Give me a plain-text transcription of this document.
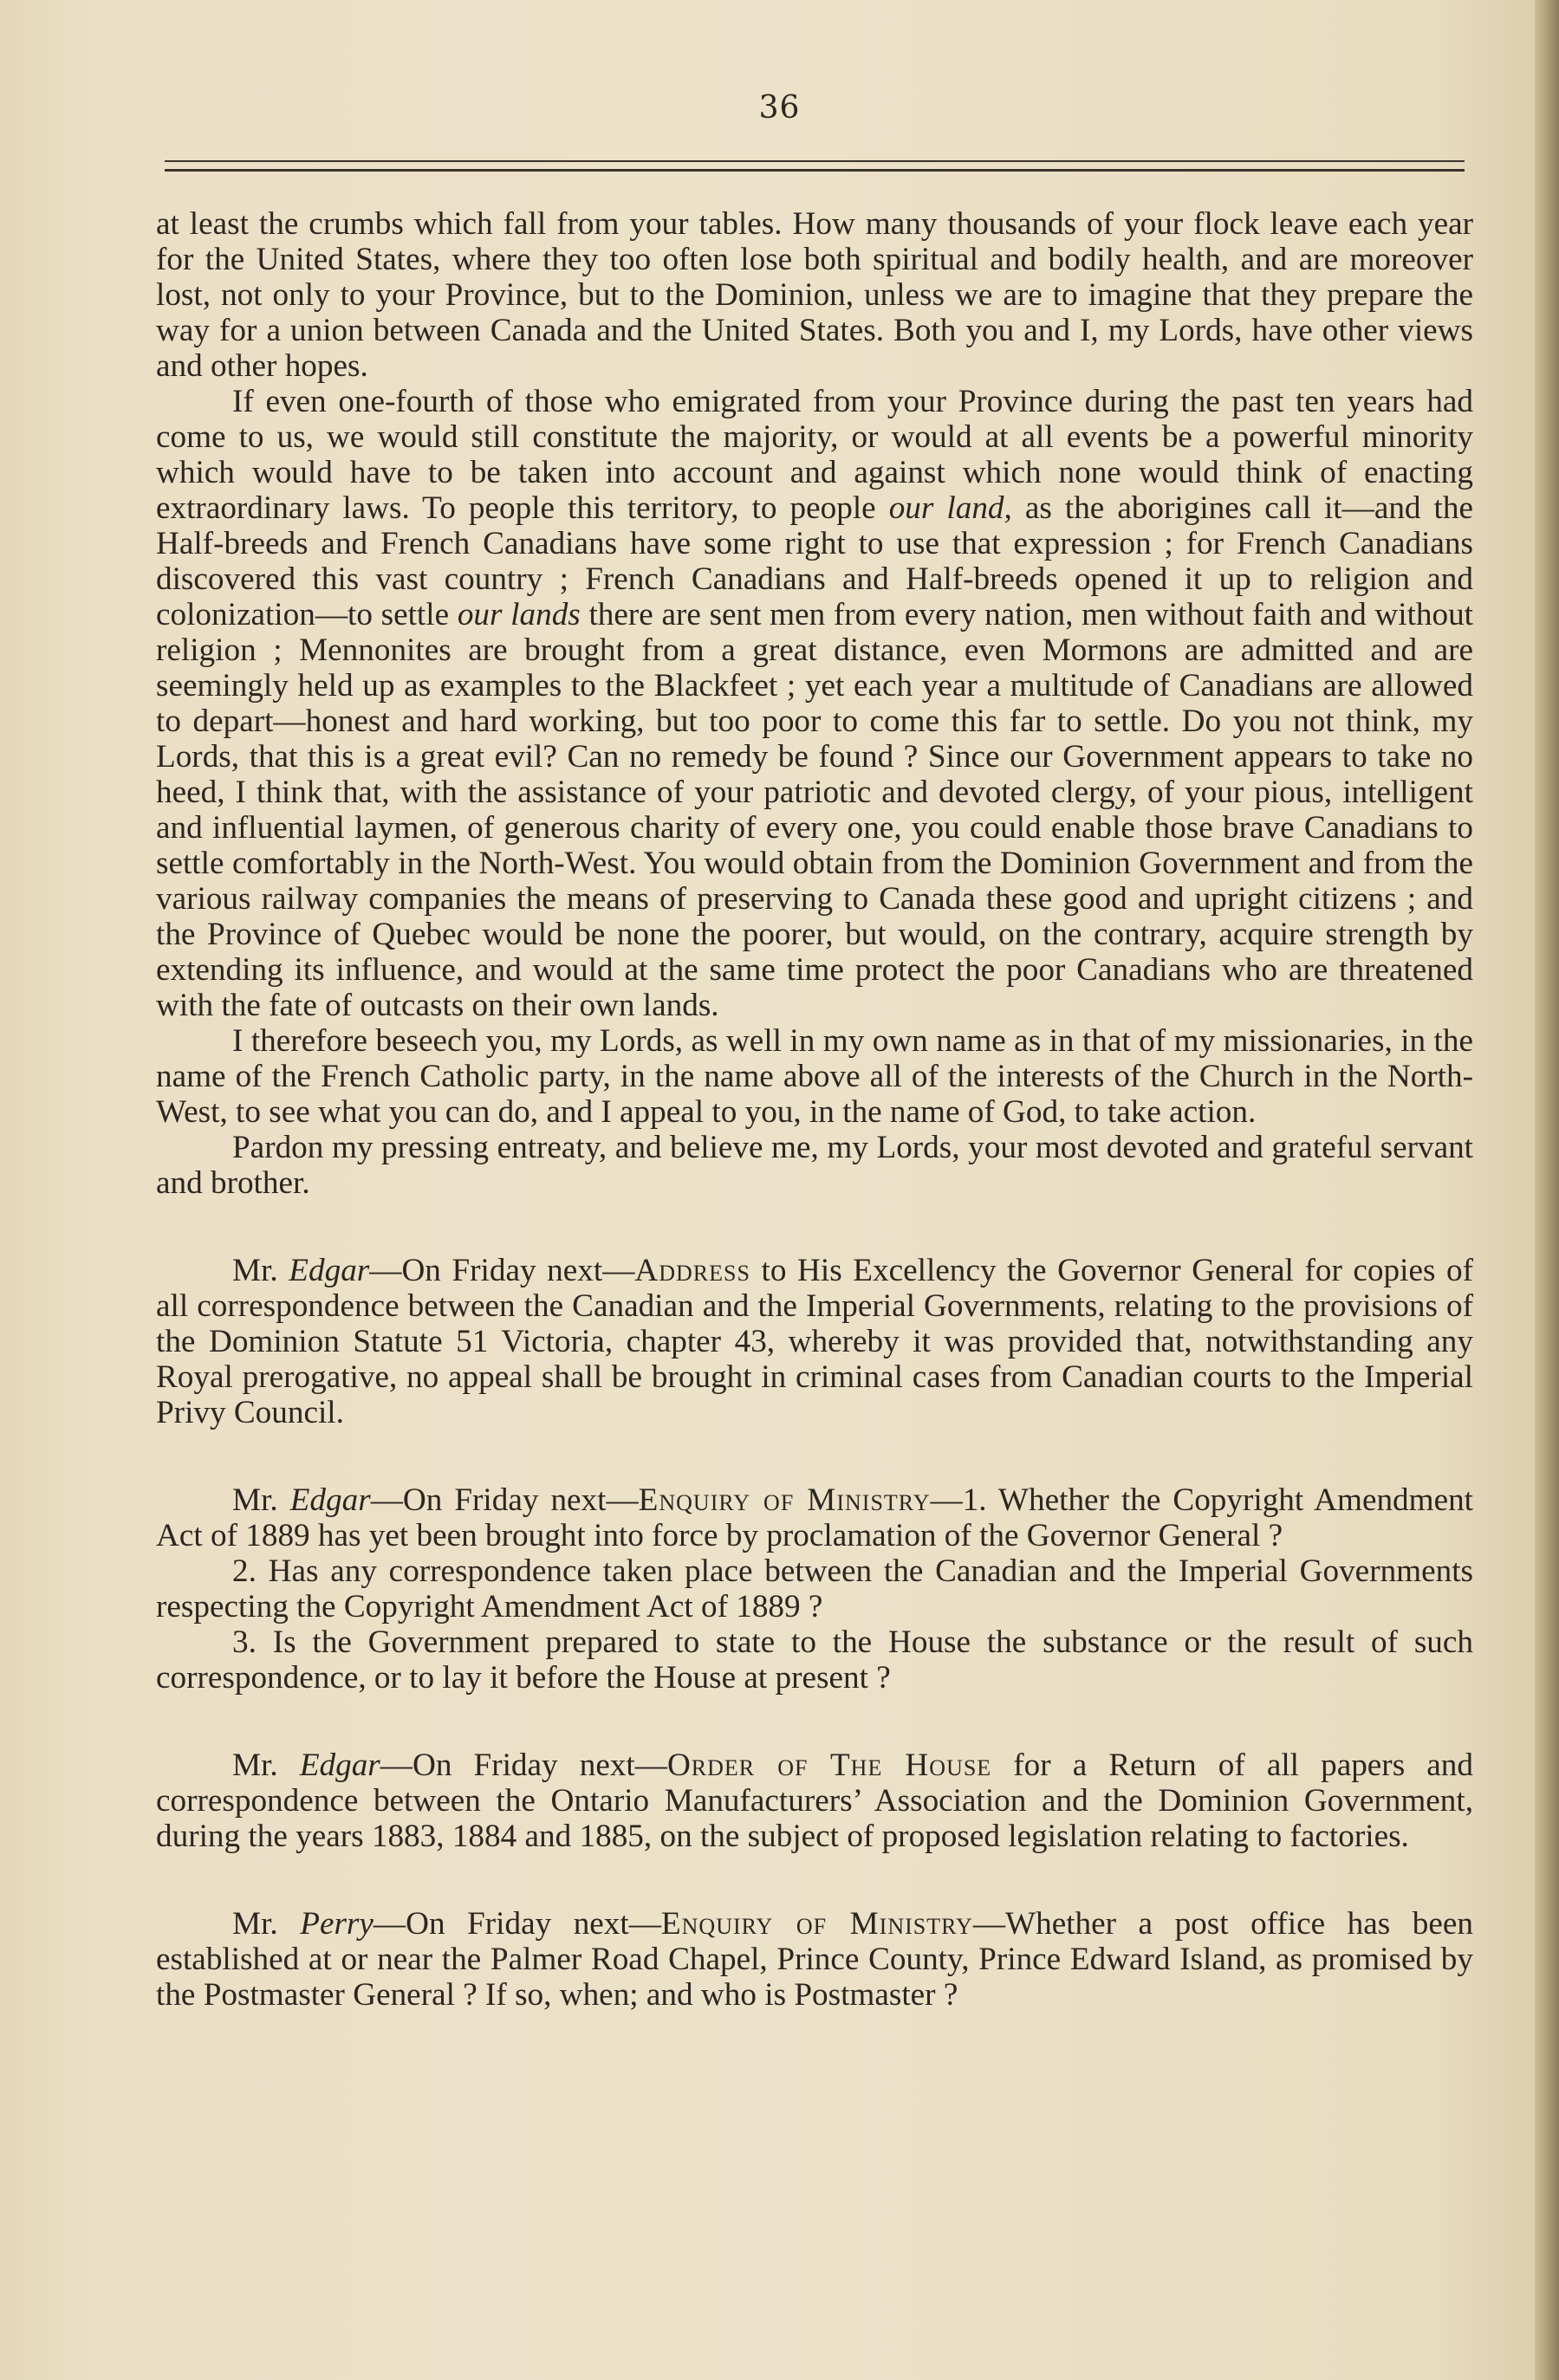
36

at least the crumbs which fall from your tables. How many thousands of your flock leave each year for the United States, where they too often lose both spiritual and bodily health, and are moreover lost, not only to your Province, but to the Dominion, unless we are to imagine that they prepare the way for a union between Canada and the United States. Both you and I, my Lords, have other views and other hopes.

If even one-fourth of those who emigrated from your Province during the past ten years had come to us, we would still constitute the majority, or would at all events be a powerful minority which would have to be taken into account and against which none would think of enacting extraordinary laws. To people this territory, to people our land, as the aborigines call it—and the Half-breeds and French Canadians have some right to use that expression ; for French Canadians discovered this vast country ; French Canadians and Half-breeds opened it up to religion and colonization—to settle our lands there are sent men from every nation, men without faith and without religion ; Mennonites are brought from a great distance, even Mormons are admitted and are seemingly held up as examples to the Blackfeet ; yet each year a multitude of Canadians are allowed to depart—honest and hard working, but too poor to come this far to settle. Do you not think, my Lords, that this is a great evil? Can no remedy be found ? Since our Government appears to take no heed, I think that, with the assistance of your patriotic and devoted clergy, of your pious, intelligent and influential laymen, of generous charity of every one, you could enable those brave Canadians to settle comfortably in the North-West. You would obtain from the Dominion Government and from the various railway companies the means of preserving to Canada these good and upright citizens ; and the Province of Quebec would be none the poorer, but would, on the contrary, acquire strength by extending its influence, and would at the same time protect the poor Canadians who are threatened with the fate of outcasts on their own lands.

I therefore beseech you, my Lords, as well in my own name as in that of my missionaries, in the name of the French Catholic party, in the name above all of the interests of the Church in the North-West, to see what you can do, and I appeal to you, in the name of God, to take action.

Pardon my pressing entreaty, and believe me, my Lords, your most devoted and grateful servant and brother.

Mr. Edgar—On Friday next—Address to His Excellency the Governor General for copies of all correspondence between the Canadian and the Imperial Governments, relating to the provisions of the Dominion Statute 51 Victoria, chapter 43, whereby it was provided that, notwithstanding any Royal prerogative, no appeal shall be brought in criminal cases from Canadian courts to the Imperial Privy Council.

Mr. Edgar—On Friday next—Enquiry of Ministry—1. Whether the Copyright Amendment Act of 1889 has yet been brought into force by proclamation of the Governor General ?

2. Has any correspondence taken place between the Canadian and the Imperial Governments respecting the Copyright Amendment Act of 1889 ?

3. Is the Government prepared to state to the House the substance or the result of such correspondence, or to lay it before the House at present ?

Mr. Edgar—On Friday next—Order of The House for a Return of all papers and correspondence between the Ontario Manufacturers’ Association and the Dominion Government, during the years 1883, 1884 and 1885, on the subject of proposed legislation relating to factories.

Mr. Perry—On Friday next—Enquiry of Ministry—Whether a post office has been established at or near the Palmer Road Chapel, Prince County, Prince Edward Island, as promised by the Postmaster General ? If so, when; and who is Postmaster ?
